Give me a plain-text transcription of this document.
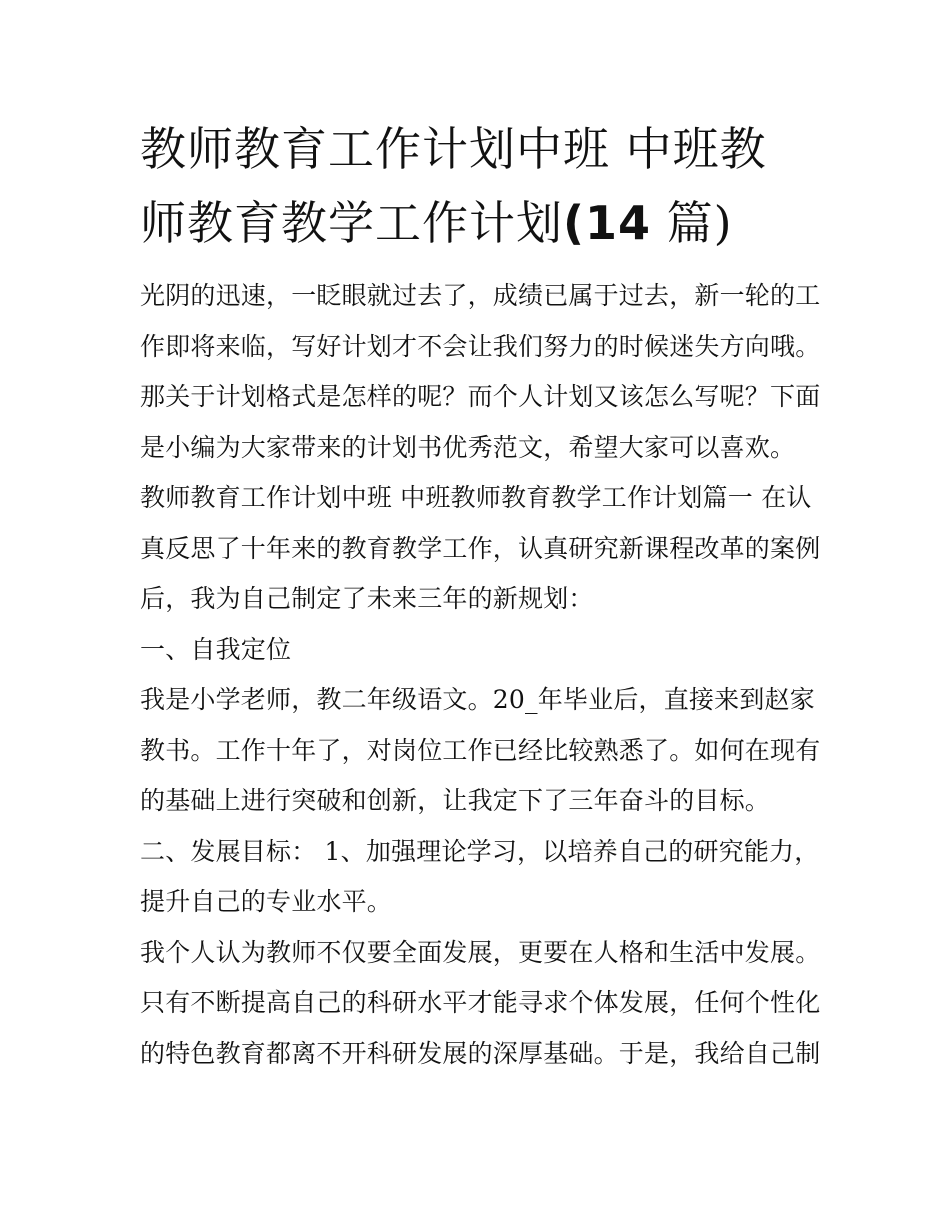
教师教育工作计划中班 中班教
师教育教学工作计划(14 篇)
光阴的迅速，一眨眼就过去了，成绩已属于过去，新一轮的工
作即将来临，写好计划才不会让我们努力的时候迷失方向哦。
那关于计划格式是怎样的呢？而个人计划又该怎么写呢？下面
是小编为大家带来的计划书优秀范文，希望大家可以喜欢。
教师教育工作计划中班 中班教师教育教学工作计划篇一 在认
真反思了十年来的教育教学工作，认真研究新课程改革的案例
后，我为自己制定了未来三年的新规划：
一、自我定位
我是小学老师，教二年级语文。20_年毕业后，直接来到赵家
教书。工作十年了，对岗位工作已经比较熟悉了。如何在现有
的基础上进行突破和创新，让我定下了三年奋斗的目标。
二、发展目标： 1、加强理论学习，以培养自己的研究能力，
提升自己的专业水平。
我个人认为教师不仅要全面发展，更要在人格和生活中发展。
只有不断提高自己的科研水平才能寻求个体发展，任何个性化
的特色教育都离不开科研发展的深厚基础。于是，我给自己制
